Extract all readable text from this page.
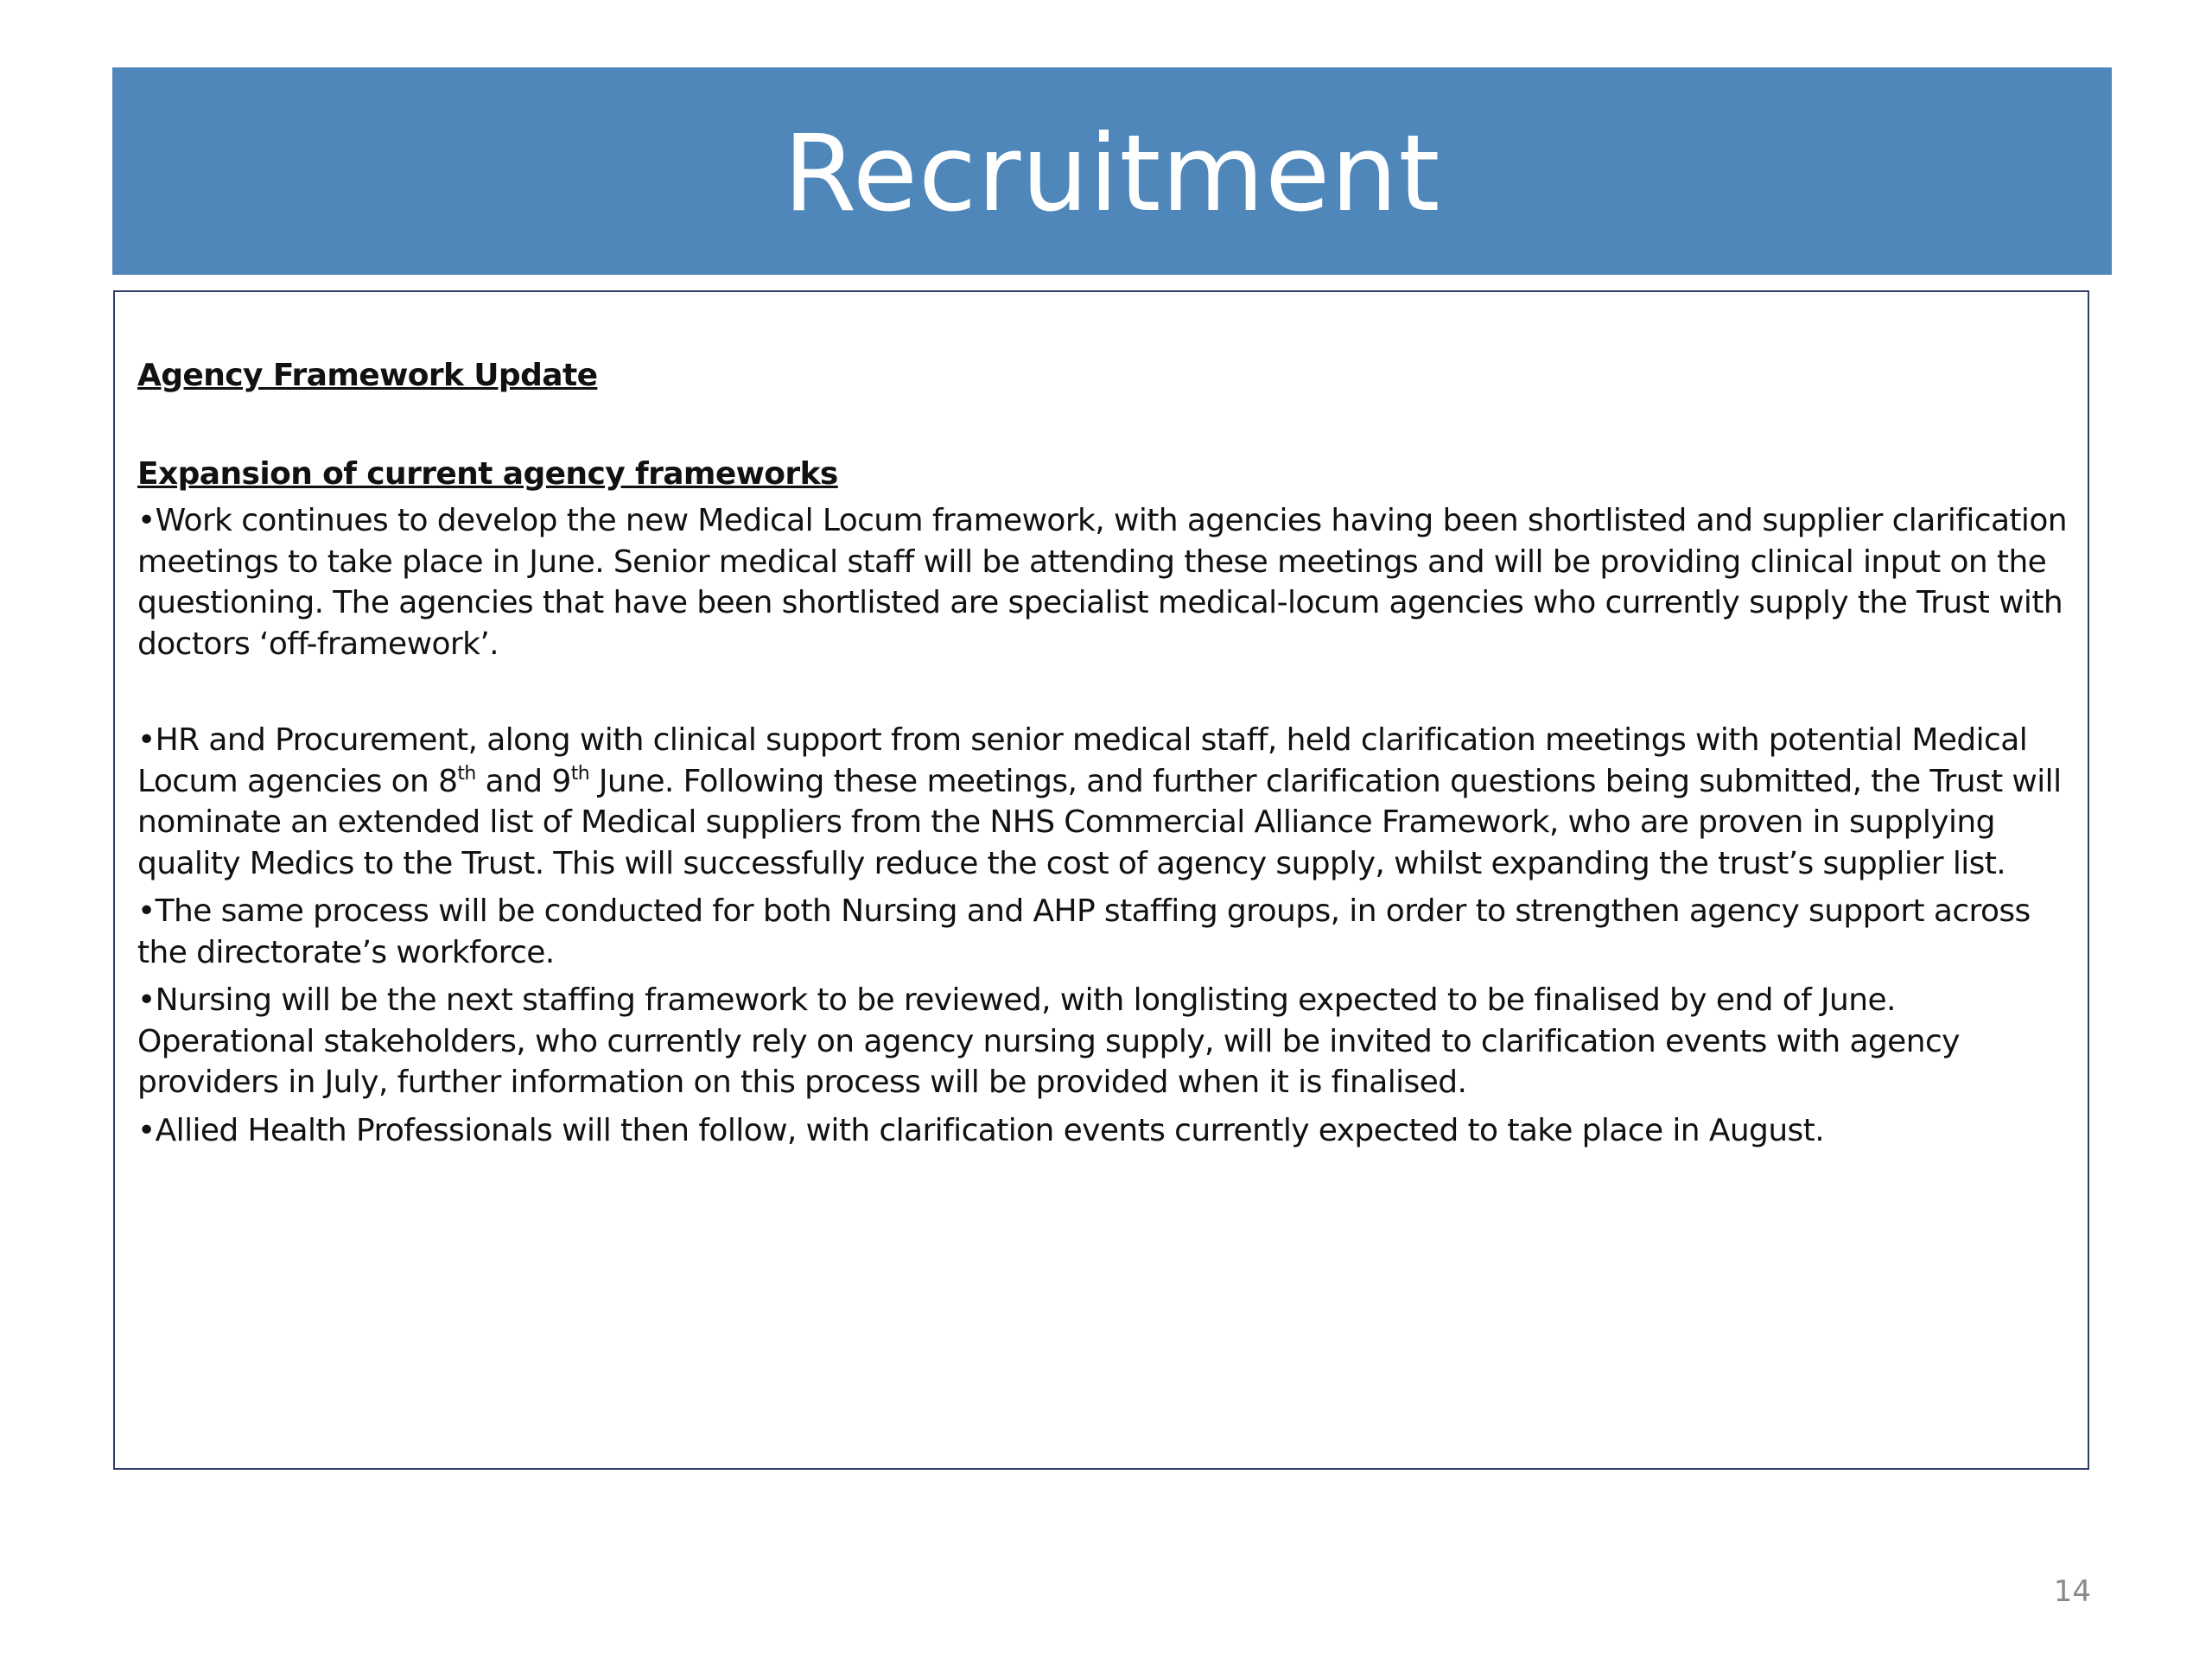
Recruitment

Agency Framework Update

Expansion of current agency frameworks

•Work continues to develop the new Medical Locum framework, with agencies having been shortlisted and supplier clarification meetings to take place in June. Senior medical staff will be attending these meetings and will be providing clinical input on the questioning. The agencies that have been shortlisted are specialist medical-locum agencies who currently supply the Trust with doctors ‘off-framework’.

•HR and Procurement, along with clinical support from senior medical staff, held clarification meetings with potential Medical Locum agencies on 8th and 9th June. Following these meetings, and further clarification questions being submitted, the Trust will nominate an extended list of Medical suppliers from the NHS Commercial Alliance Framework, who are proven in supplying quality Medics to the Trust. This will successfully reduce the cost of agency supply, whilst expanding the trust’s supplier list.

•The same process will be conducted for both Nursing and AHP staffing groups, in order to strengthen agency support across the directorate’s workforce.

•Nursing will be the next staffing framework to be reviewed, with longlisting expected to be finalised by end of June. Operational stakeholders, who currently rely on agency nursing supply, will be invited to clarification events with agency providers in July, further information on this process will be provided when it is finalised.

•Allied Health Professionals will then follow, with clarification events currently expected to take place in August.

14
